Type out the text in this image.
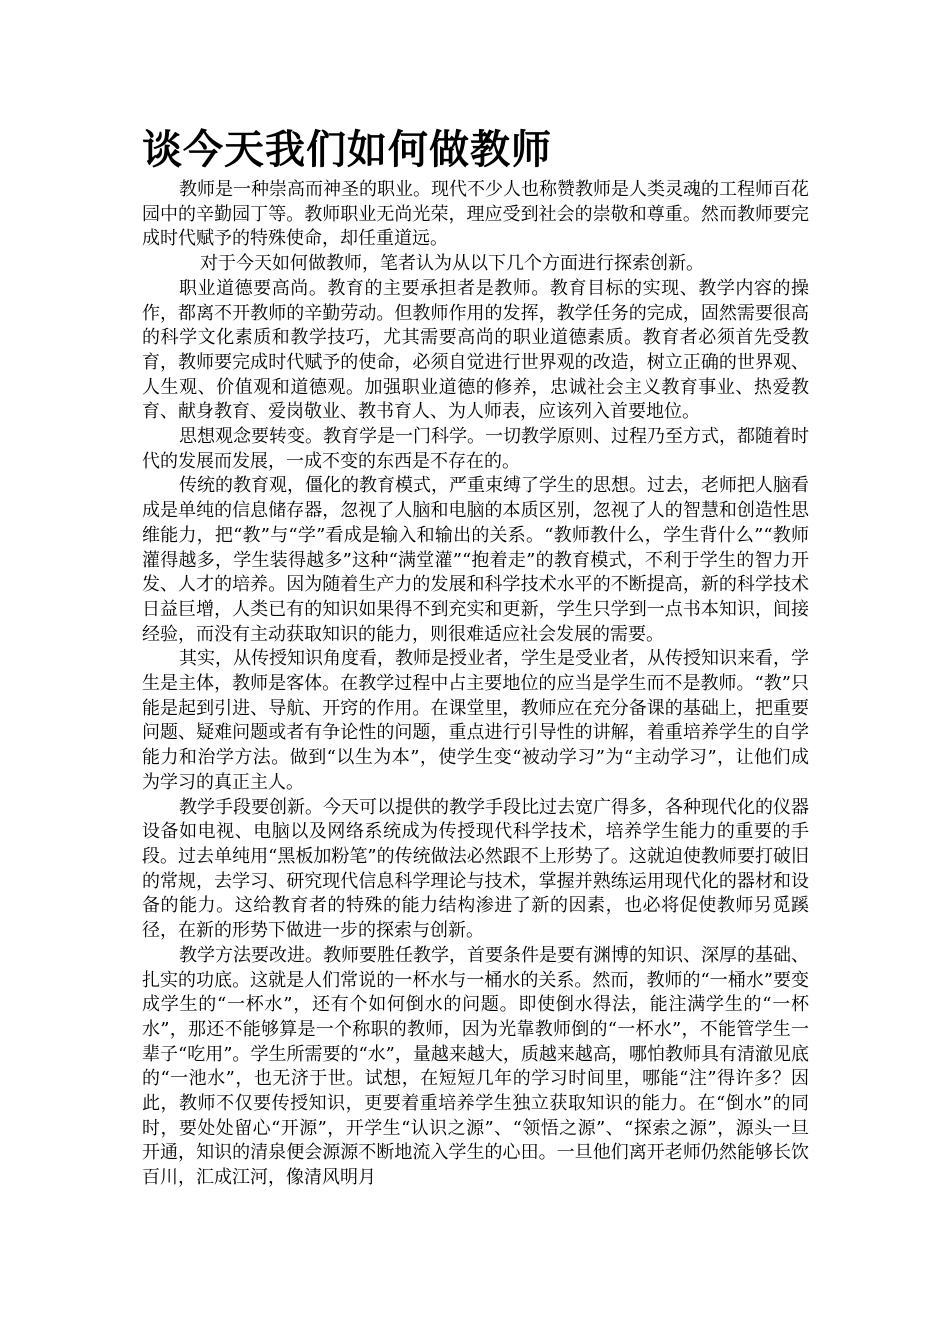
谈今天我们如何做教师

教师是一种崇高而神圣的职业。现代不少人也称赞教师是人类灵魂的工程师百花园中的辛勤园丁等。教师职业无尚光荣，理应受到社会的崇敬和尊重。然而教师要完成时代赋予的特殊使命，却任重道远。

对于今天如何做教师，笔者认为从以下几个方面进行探索创新。

职业道德要高尚。教育的主要承担者是教师。教育目标的实现、教学内容的操作，都离不开教师的辛勤劳动。但教师作用的发挥，教学任务的完成，固然需要很高的科学文化素质和教学技巧，尤其需要高尚的职业道德素质。教育者必须首先受教育，教师要完成时代赋予的使命，必须自觉进行世界观的改造，树立正确的世界观、人生观、价值观和道德观。加强职业道德的修养，忠诚社会主义教育事业、热爱教育、献身教育、爱岗敬业、教书育人、为人师表，应该列入首要地位。

思想观念要转变。教育学是一门科学。一切教学原则、过程乃至方式，都随着时代的发展而发展，一成不变的东西是不存在的。

传统的教育观，僵化的教育模式，严重束缚了学生的思想。过去，老师把人脑看成是单纯的信息储存器，忽视了人脑和电脑的本质区别，忽视了人的智慧和创造性思维能力，把“教”与“学”看成是输入和输出的关系。“教师教什么，学生背什么”“教师灌得越多，学生装得越多”这种“满堂灌”“抱着走”的教育模式，不利于学生的智力开发、人才的培养。因为随着生产力的发展和科学技术水平的不断提高，新的科学技术日益巨增，人类已有的知识如果得不到充实和更新，学生只学到一点书本知识，间接经验，而没有主动获取知识的能力，则很难适应社会发展的需要。

其实，从传授知识角度看，教师是授业者，学生是受业者，从传授知识来看，学生是主体，教师是客体。在教学过程中占主要地位的应当是学生而不是教师。“教”只能是起到引进、导航、开窍的作用。在课堂里，教师应在充分备课的基础上，把重要问题、疑难问题或者有争论性的问题，重点进行引导性的讲解，着重培养学生的自学能力和治学方法。做到“以生为本”，使学生变“被动学习”为“主动学习”，让他们成为学习的真正主人。

教学手段要创新。今天可以提供的教学手段比过去宽广得多，各种现代化的仪器设备如电视、电脑以及网络系统成为传授现代科学技术，培养学生能力的重要的手段。过去单纯用“黑板加粉笔”的传统做法必然跟不上形势了。这就迫使教师要打破旧的常规，去学习、研究现代信息科学理论与技术，掌握并熟练运用现代化的器材和设备的能力。这给教育者的特殊的能力结构渗进了新的因素，也必将促使教师另觅蹊径，在新的形势下做进一步的探索与创新。

教学方法要改进。教师要胜任教学，首要条件是要有渊博的知识、深厚的基础、扎实的功底。这就是人们常说的一杯水与一桶水的关系。然而，教师的“一桶水”要变成学生的“一杯水”，还有个如何倒水的问题。即使倒水得法，能注满学生的“一杯水”，那还不能够算是一个称职的教师，因为光靠教师倒的“一杯水”，不能管学生一辈子“吃用”。学生所需要的“水”，量越来越大，质越来越高，哪怕教师具有清澈见底的“一池水”，也无济于世。试想，在短短几年的学习时间里，哪能“注”得许多？因此，教师不仅要传授知识，更要着重培养学生独立获取知识的能力。在“倒水”的同时，要处处留心“开源”，开学生“认识之源”、“领悟之源”、“探索之源”，源头一旦开通，知识的清泉便会源源不断地流入学生的心田。一旦他们离开老师仍然能够长饮百川，汇成江河，像清风明月
